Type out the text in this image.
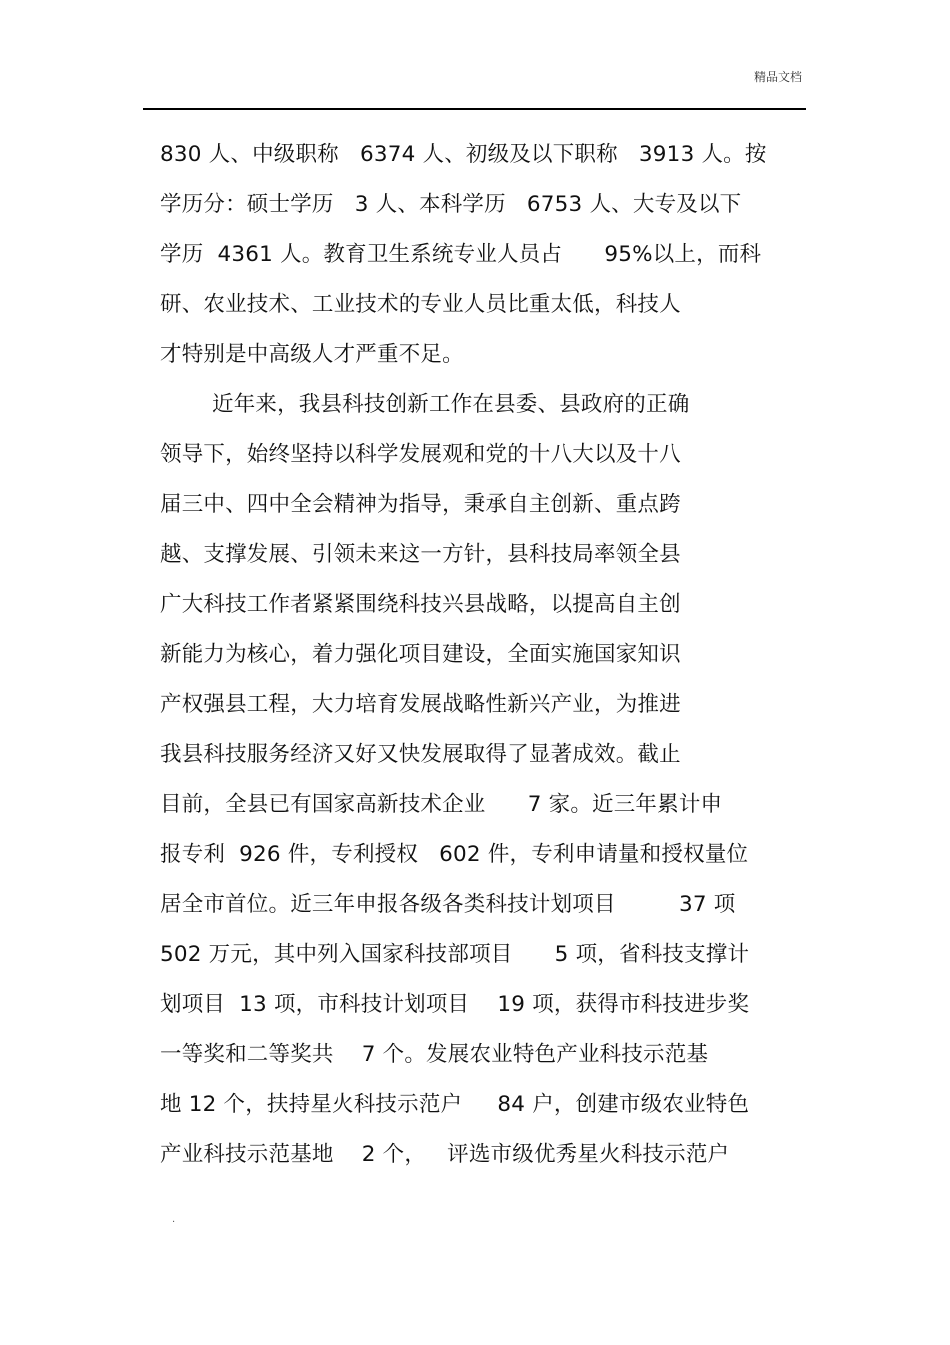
精品文档
830 人、中级职称   6374 人、初级及以下职称   3913 人。按
学历分：硕士学历   3 人、本科学历   6753 人、大专及以下
学历  4361 人。教育卫生系统专业人员占      95%以上，而科
研、农业技术、工业技术的专业人员比重太低，科技人
才特别是中高级人才严重不足。
近年来，我县科技创新工作在县委、县政府的正确
领导下，始终坚持以科学发展观和党的十八大以及十八
届三中、四中全会精神为指导，秉承自主创新、重点跨
越、支撑发展、引领未来这一方针，县科技局率领全县
广大科技工作者紧紧围绕科技兴县战略，以提高自主创
新能力为核心，着力强化项目建设，全面实施国家知识
产权强县工程，大力培育发展战略性新兴产业，为推进
我县科技服务经济又好又快发展取得了显著成效。截止
目前，全县已有国家高新技术企业      7 家。近三年累计申
报专利  926 件，专利授权   602 件，专利申请量和授权量位
居全市首位。近三年申报各级各类科技计划项目         37 项
502 万元，其中列入国家科技部项目      5 项，省科技支撑计
划项目  13 项，市科技计划项目    19 项，获得市科技进步奖
一等奖和二等奖共    7 个。发展农业特色产业科技示范基
地 12 个，扶持星火科技示范户     84 户，创建市级农业特色
产业科技示范基地    2 个，   评选市级优秀星火科技示范户
.
